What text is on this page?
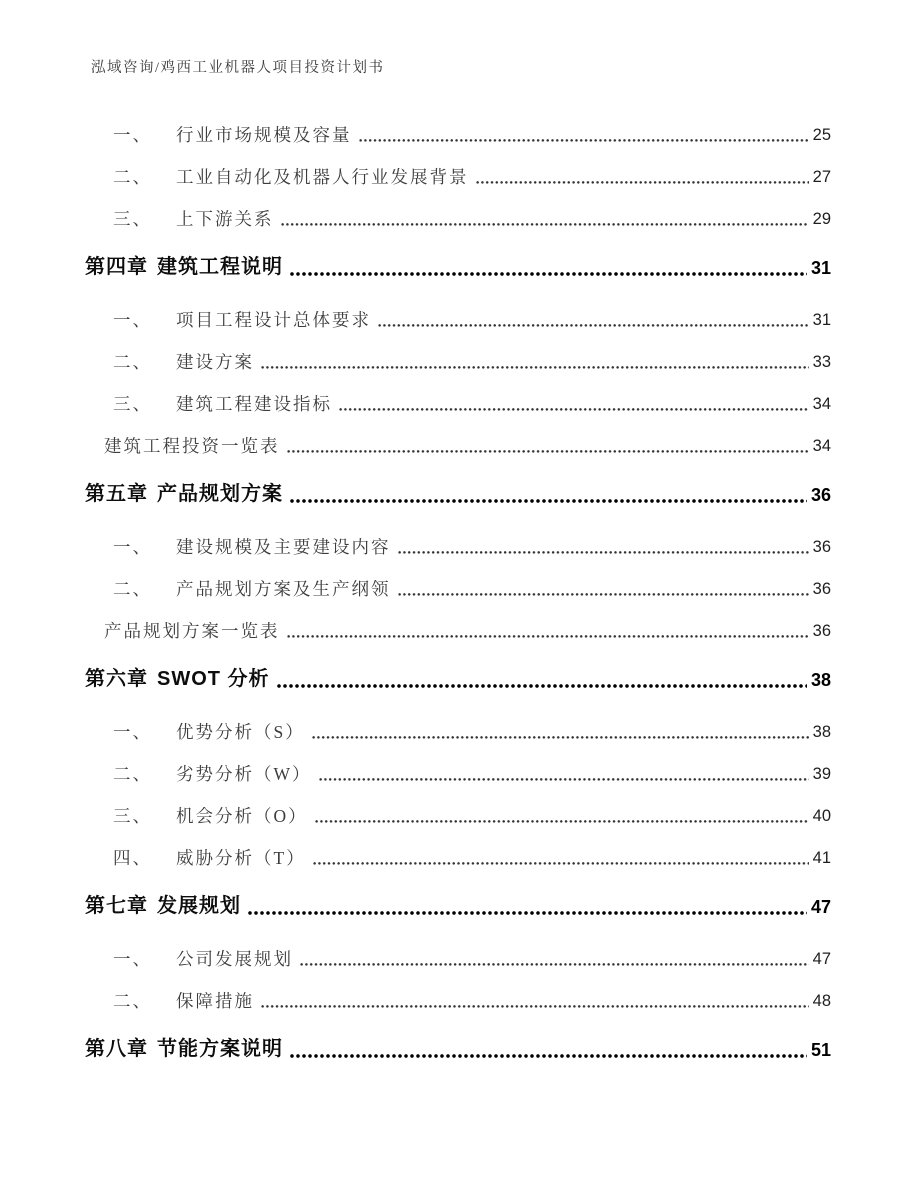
泓域咨询/鸡西工业机器人项目投资计划书
一、 行业市场规模及容量	25
二、 工业自动化及机器人行业发展背景	27
三、 上下游关系	29
第四章 建筑工程说明	31
一、 项目工程设计总体要求	31
二、 建设方案	33
三、 建筑工程建设指标	34
建筑工程投资一览表	34
第五章 产品规划方案	36
一、 建设规模及主要建设内容	36
二、 产品规划方案及生产纲领	36
产品规划方案一览表	36
第六章 SWOT 分析	38
一、 优势分析（S）	38
二、 劣势分析（W）	39
三、 机会分析（O）	40
四、 威胁分析（T）	41
第七章 发展规划	47
一、 公司发展规划	47
二、 保障措施	48
第八章 节能方案说明	51
